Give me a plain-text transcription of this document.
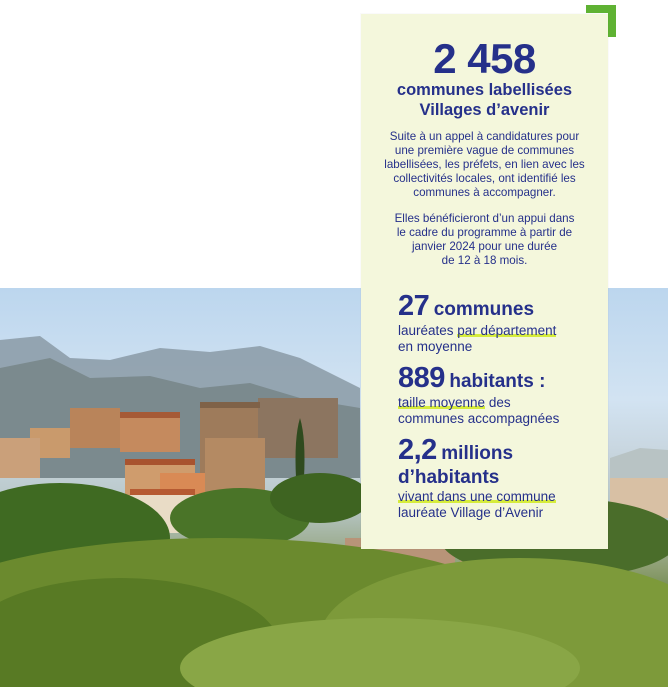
2 458
communes labellisées
Villages d’avenir
Suite à un appel à candidatures pour
une première vague de communes
labellisées, les préfets, en lien avec les
collectivités locales, ont identifié les
communes à accompagner.
Elles bénéficieront d’un appui dans
le cadre du programme à partir de
janvier 2024 pour une durée
de 12 à 18 mois.
27 communes
lauréates par département
en moyenne
889 habitants :
taille moyenne des
communes accompagnées
2,2 millions
d’habitants
vivant dans une commune
lauréate Village d’Avenir
